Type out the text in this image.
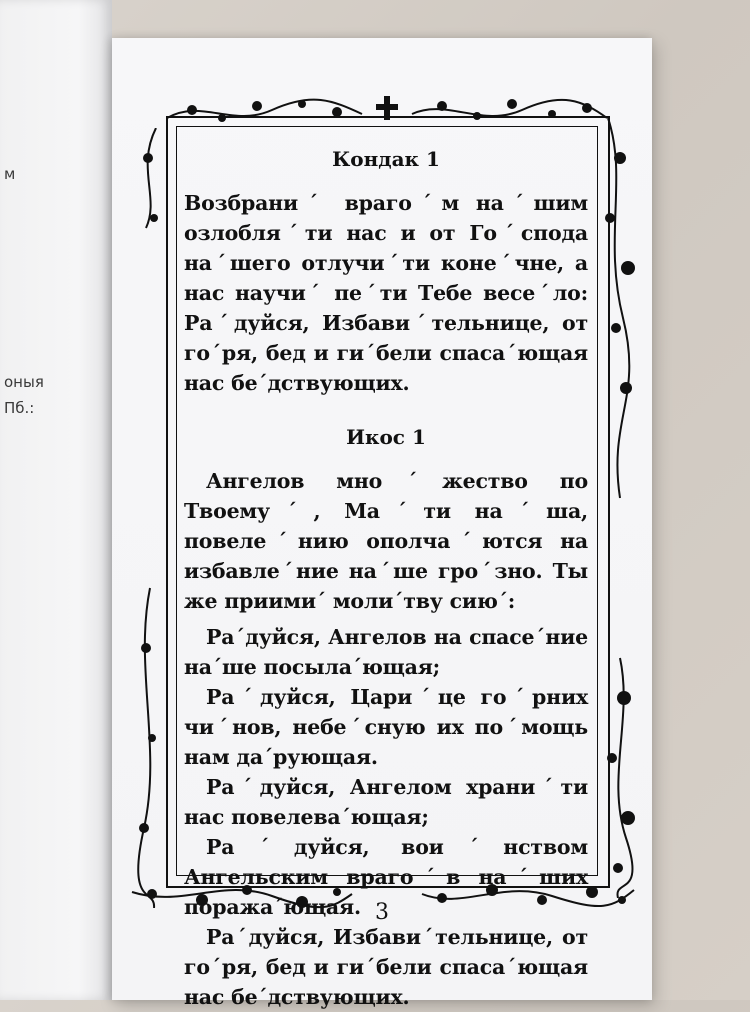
м
оныя
Пб.:
Кондак 1

Возбраниˊ врагоˊм наˊшим озлобляˊти нас и от Гоˊспода наˊшего отлучиˊти конеˊчне, а нас научиˊ пеˊти Тебе весеˊло: Раˊдуйся, Избавиˊтельнице, от гоˊря, бед и гиˊбели спасаˊющая нас беˊдствующих.

Икос 1

Ангелов мноˊжество по Твоемуˊ, Маˊти наˊша, повелеˊнию ополчаˊются на избавлеˊние наˊше гроˊзно. Ты же приимиˊ молиˊтву сиюˊ:

Раˊдуйся, Ангелов на спасеˊние наˊше посылаˊющая;

Раˊдуйся, Цариˊце гоˊрних чиˊнов, небеˊсную их поˊмощь нам даˊрующая.

Раˊдуйся, Ангелом храниˊти нас повелеваˊющая;

Раˊдуйся, воиˊнством Ангельским врагоˊв наˊших поражаˊющая.

Раˊдуйся, Избавиˊтельнице, от гоˊря, бед и гиˊбели спасаˊющая нас беˊдствующих.

3
